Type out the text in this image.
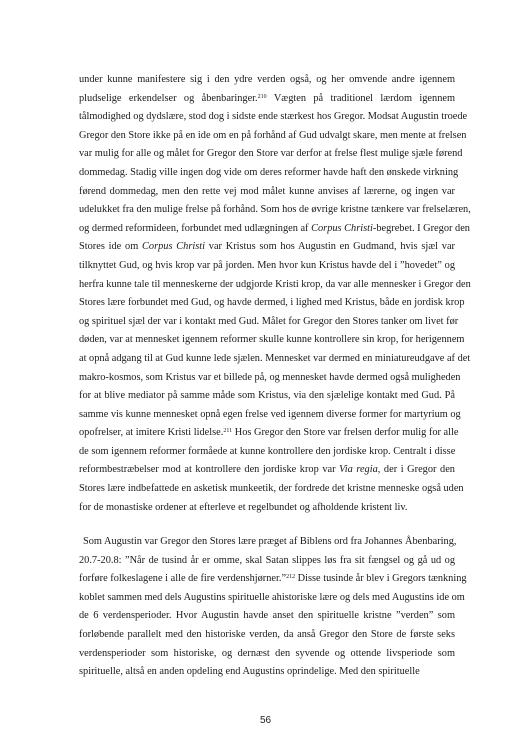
under kunne manifestere sig i den ydre verden også, og her omvende andre igennem
pludselige erkendelser og åbenbaringer.$^{210}$ Vægten på traditionel lærdom igennem
tålmodighed og dydslære, stod dog i sidste ende stærkest hos Gregor. Modsat Augustin troede
Gregor den Store ikke på en ide om en på forhånd af Gud udvalgt skare, men mente at frelsen
var mulig for alle og målet for Gregor den Store var derfor at frelse flest mulige sjæle førend
dommedag. Stadig ville ingen dog vide om deres reformer havde haft den ønskede virkning
førend dommedag, men den rette vej mod målet kunne anvises af lærerne, og ingen var
udelukket fra den mulige frelse på forhånd. Som hos de øvrige kristne tænkere var frelselæren,
og dermed reformideen, forbundet med udlægningen af Corpus Christi-begrebet. I Gregor den
Stores ide om Corpus Christi var Kristus som hos Augustin en Gudmand, hvis sjæl var
tilknyttet Gud, og hvis krop var på jorden. Men hvor kun Kristus havde del i ”hovedet” og
herfra kunne tale til menneskerne der udgjorde Kristi krop, da var alle mennesker i Gregor den
Stores lære forbundet med Gud, og havde dermed, i lighed med Kristus, både en jordisk krop
og spirituel sjæl der var i kontakt med Gud. Målet for Gregor den Stores tanker om livet før
døden, var at mennesket igennem reformer skulle kunne kontrollere sin krop, for herigennem
at opnå adgang til at Gud kunne lede sjælen. Mennesket var dermed en miniatureudgave af det
makro-kosmos, som Kristus var et billede på, og mennesket havde dermed også muligheden
for at blive mediator på samme måde som Kristus, via den sjælelige kontakt med Gud. På
samme vis kunne mennesket opnå egen frelse ved igennem diverse former for martyrium og
opofrelser, at imitere Kristi lidelse.$^{211}$ Hos Gregor den Store var frelsen derfor mulig for alle
de som igennem reformer formåede at kunne kontrollere den jordiske krop. Centralt i disse
reformbestræbelser mod at kontrollere den jordiske krop var Via regia, der i Gregor den
Stores lære indbefattede en asketisk munkeetik, der fordrede det kristne menneske også uden
for de monastiske ordener at efterleve et regelbundet og afholdende kristent liv.
Som Augustin var Gregor den Stores lære præget af Biblens ord fra Johannes Åbenbaring,
20.7-20.8: ”Når de tusind år er omme, skal Satan slippes løs fra sit fængsel og gå ud og
forføre folkeslagene i alle de fire verdenshjørner.”$^{212}$ Disse tusinde år blev i Gregors tænkning
koblet sammen med dels Augustins spirituelle ahistoriske lære og dels med Augustins ide om
de 6 verdensperioder. Hvor Augustin havde anset den spirituelle kristne ”verden” som
forløbende parallelt med den historiske verden, da anså Gregor den Store de første seks
verdensperioder som historiske, og dernæst den syvende og ottende livsperiode som
spirituelle, altså en anden opdeling end Augustins oprindelige. Med den spirituelle
56
